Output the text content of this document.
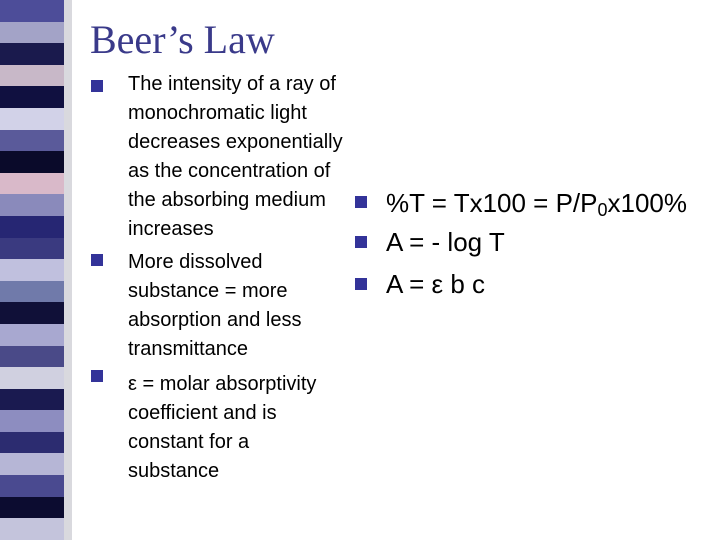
Beer’s Law
The intensity of a ray of
monochromatic light
decreases exponentially
as the concentration of
the absorbing medium
increases
More dissolved
substance = more
absorption and less
transmittance
ε = molar absorptivity
coefficient and is
constant for a
substance
%T = Tx100 = P/P0x100%
A = - log T
A = ε b c
